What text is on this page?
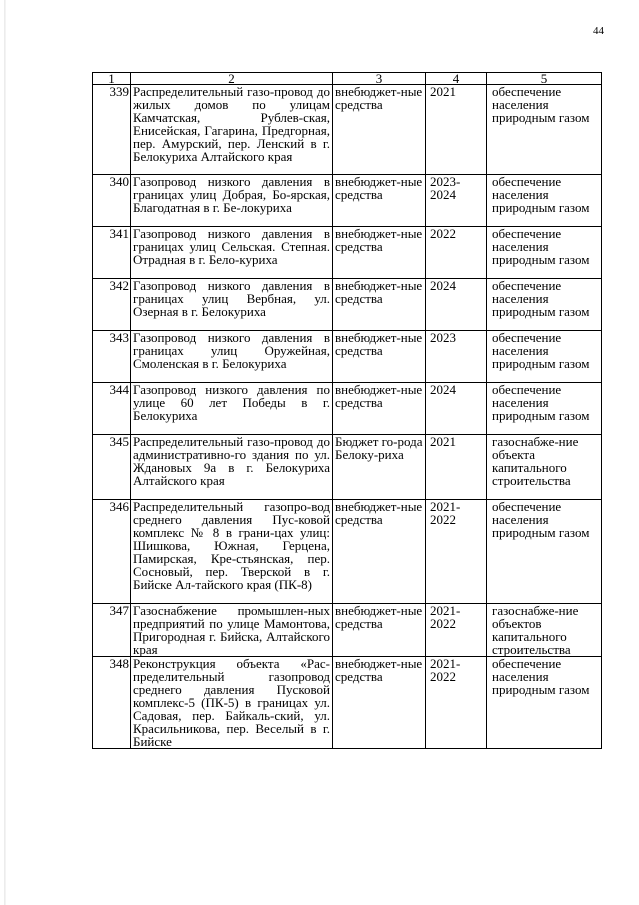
44
1	2	3	4	5
339	Распределительный газо-провод до жилых домов по улицам Камчатская, Рублев-ская, Енисейская, Гагарина, Предгорная, пер. Амурский, пер. Ленский в г. Белокуриха Алтайского края	внебюджет-ные средства	2021	обеспечение населения природным газом
340	Газопровод низкого давления в границах улиц Добрая, Бо-ярская, Благодатная в г. Бе-локуриха	внебюджет-ные средства	2023-2024	обеспечение населения природным газом
341	Газопровод низкого давления в границах улиц Сельская. Степная. Отрадная в г. Бело-куриха	внебюджет-ные средства	2022	обеспечение населения природным газом
342	Газопровод низкого давления в границах улиц Вербная, ул. Озерная в г. Белокуриха	внебюджет-ные средства	2024	обеспечение населения природным газом
343	Газопровод низкого давления в границах улиц Оружейная, Смоленская в г. Белокуриха	внебюджет-ные средства	2023	обеспечение населения природным газом
344	Газопровод низкого давления по улице 60 лет Победы в г. Белокуриха	внебюджет-ные средства	2024	обеспечение населения природным газом
345	Распределительный газо-провод до административно-го здания по ул. Ждановых 9а в г. Белокуриха Алтайского края	Бюджет го-рода Белоку-риха	2021	газоснабже-ние объекта капитального строительства
346	Распределительный газопро-вод среднего давления Пус-ковой комплекс № 8 в грани-цах улиц: Шишкова, Южная, Герцена, Памирская, Кре-стьянская, пер. Сосновый, пер. Тверской в г. Бийске Ал-тайского края (ПК-8)	внебюджет-ные средства	2021-2022	обеспечение населения природным газом
347	Газоснабжение промышлен-ных предприятий по улице Мамонтова, Пригородная г. Бийска, Алтайского края	внебюджет-ные средства	2021-2022	газоснабже-ние объектов капитального строительства
348	Реконструкция объекта «Рас-пределительный газопровод среднего давления Пусковой комплекс-5 (ПК-5) в границах ул. Садовая, пер. Байкаль-ский, ул. Красильникова, пер. Веселый в г. Бийске	внебюджет-ные средства	2021-2022	обеспечение населения природным газом
